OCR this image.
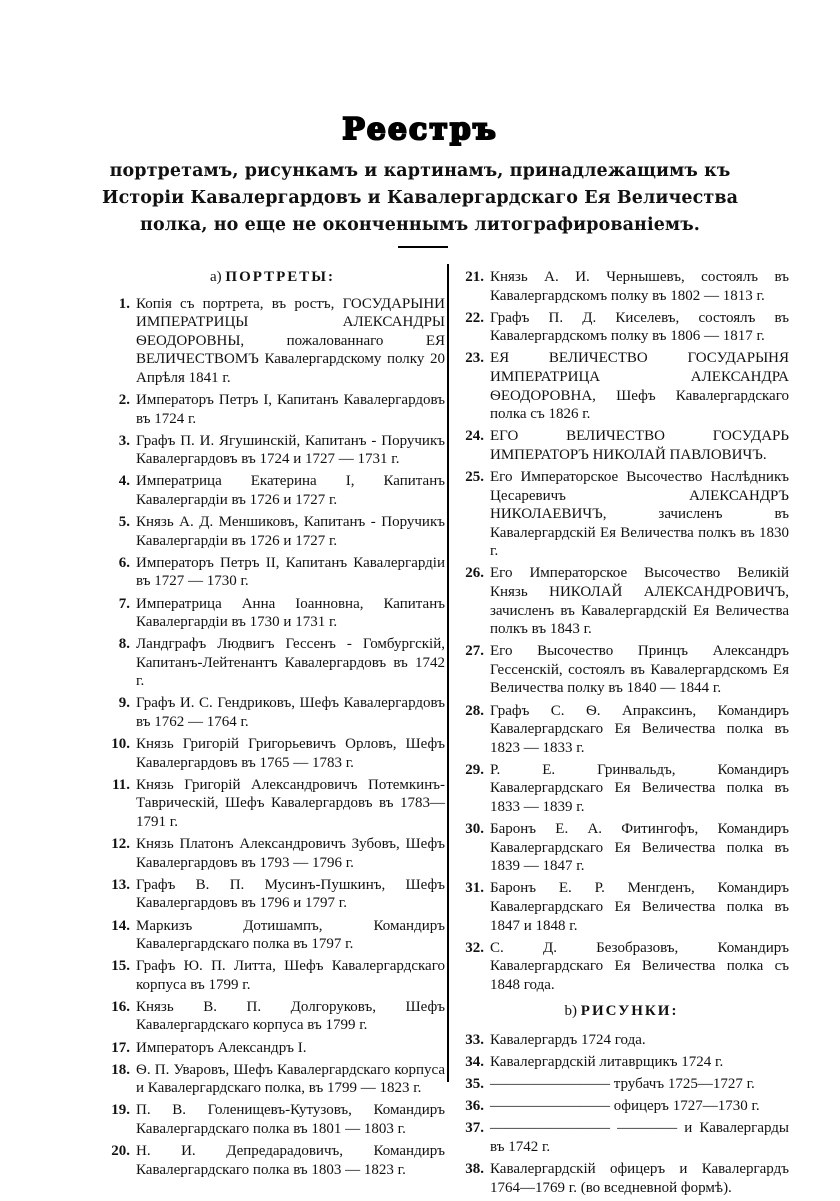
Реестръ
портретамъ, рисункамъ и картинамъ, принадлежащимъ къ Исторіи Кавалергардовъ и Кавалергардскаго Ея Величества полка, но еще не оконченнымъ литографированіемъ.
а) ПОРТРЕТЫ:
1. Копія съ портрета, въ ростъ, ГОСУДАРЫНИ ИМПЕРАТРИЦЫ АЛЕКСАНДРЫ ѲЕОДОРОВНЫ, пожалованнаго ЕЯ ВЕЛИЧЕСТВОМЪ Кавалергардскому полку 20 Апрѣля 1841 г.
2. Императоръ Петръ I, Капитанъ Кавалергардовъ въ 1724 г.
3. Графъ П. И. Ягушинскій, Капитанъ - Поручикъ Кавалергардовъ въ 1724 и 1727 — 1731 г.
4. Императрица Екатерина I, Капитанъ Кавалергардіи въ 1726 и 1727 г.
5. Князь А. Д. Меншиковъ, Капитанъ - Поручикъ Кавалергардіи въ 1726 и 1727 г.
6. Императоръ Петръ II, Капитанъ Кавалергардіи въ 1727 — 1730 г.
7. Императрица Анна Іоанновна, Капитанъ Кавалергардіи въ 1730 и 1731 г.
8. Ландграфъ Людвигъ Гессенъ - Гомбургскій, Капитанъ-Лейтенантъ Кавалергардовъ въ 1742 г.
9. Графъ И. С. Гендриковъ, Шефъ Кавалергардовъ въ 1762 — 1764 г.
10. Князь Григорій Григорьевичъ Орловъ, Шефъ Кавалергардовъ въ 1765 — 1783 г.
11. Князь Григорій Александровичъ Потемкинъ-Таврическій, Шефъ Кавалергардовъ въ 1783—1791 г.
12. Князь Платонъ Александровичъ Зубовъ, Шефъ Кавалергардовъ въ 1793 — 1796 г.
13. Графъ В. П. Мусинъ-Пушкинъ, Шефъ Кавалергардовъ въ 1796 и 1797 г.
14. Маркизъ Дотишампъ, Командиръ Кавалергардскаго полка въ 1797 г.
15. Графъ Ю. П. Литта, Шефъ Кавалергардскаго корпуса въ 1799 г.
16. Князь В. П. Долгоруковъ, Шефъ Кавалергардскаго корпуса въ 1799 г.
17. Императоръ Александръ I.
18. Ѳ. П. Уваровъ, Шефъ Кавалергардскаго корпуса и Кавалергардскаго полка, въ 1799 — 1823 г.
19. П. В. Голенищевъ-Кутузовъ, Командиръ Кавалергардскаго полка въ 1801 — 1803 г.
20. Н. И. Депредарадовичъ, Командиръ Кавалергардскаго полка въ 1803 — 1823 г.
21. Князь А. И. Чернышевъ, состоялъ въ Кавалергардскомъ полку въ 1802 — 1813 г.
22. Графъ П. Д. Киселевъ, состоялъ въ Кавалергардскомъ полку въ 1806 — 1817 г.
23. ЕЯ ВЕЛИЧЕСТВО ГОСУДАРЫНЯ ИМПЕРАТРИЦА АЛЕКСАНДРА ѲЕОДОРОВНА, Шефъ Кавалергардскаго полка съ 1826 г.
24. ЕГО ВЕЛИЧЕСТВО ГОСУДАРЬ ИМПЕРАТОРЪ НИКОЛАЙ ПАВЛОВИЧЪ.
25. Его Императорское Высочество Наслѣдникъ Цесаревичъ АЛЕКСАНДРЪ НИКОЛАЕВИЧЪ, зачисленъ въ Кавалергардскій Ея Величества полкъ въ 1830 г.
26. Его Императорское Высочество Великій Князь НИКОЛАЙ АЛЕКСАНДРОВИЧЪ, зачисленъ въ Кавалергардскій Ея Величества полкъ въ 1843 г.
27. Его Высочество Принцъ Александръ Гессенскій, состоялъ въ Кавалергардскомъ Ея Величества полку въ 1840 — 1844 г.
28. Графъ С. Ѳ. Апраксинъ, Командиръ Кавалергардскаго Ея Величества полка въ 1823 — 1833 г.
29. Р. Е. Гринвальдъ, Командиръ Кавалергардскаго Ея Величества полка въ 1833 — 1839 г.
30. Баронъ Е. А. Фитингофъ, Командиръ Кавалергардскаго Ея Величества полка въ 1839 — 1847 г.
31. Баронъ Е. Р. Менгденъ, Командиръ Кавалергардскаго Ея Величества полка въ 1847 и 1848 г.
32. С. Д. Безобразовъ, Командиръ Кавалергардскаго Ея Величества полка съ 1848 года.
b) РИСУНКИ:
33. Кавалергардъ 1724 года.
34. Кавалергардскій литаврщикъ 1724 г.
35. ———————— трубачъ 1725—1727 г.
36. ———————— офицеръ 1727—1730 г.
37. ———————— ———— и Кавалергарды въ 1742 г.
38. Кавалергардскій офицеръ и Кавалергардъ 1764—1769 г. (во вседневной формѣ).
